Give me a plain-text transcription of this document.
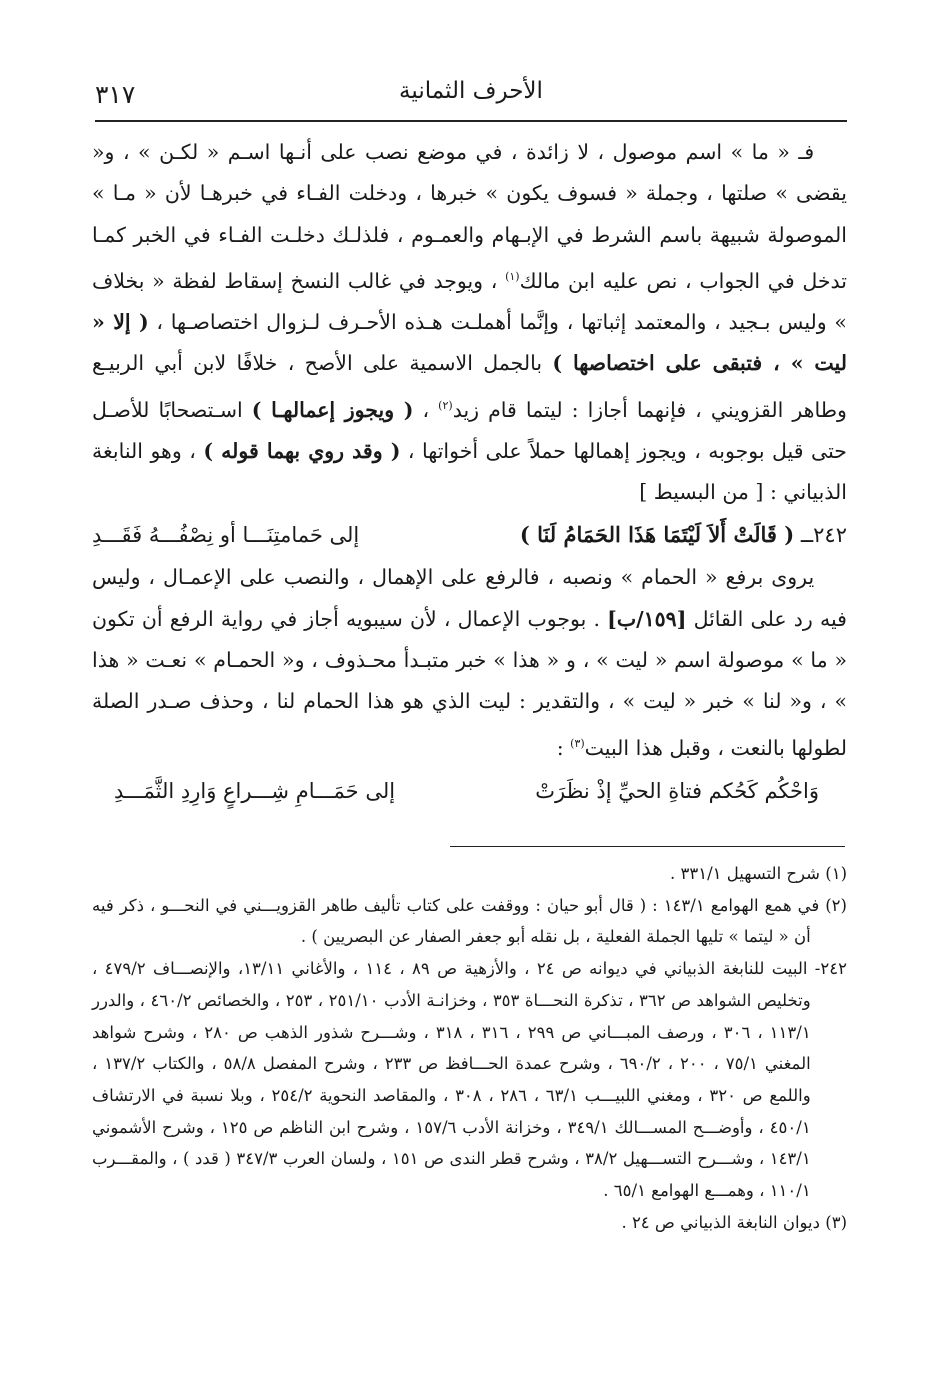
٣١٧	الأحرف الثمانية

فـ « ما » اسم موصول ، لا زائدة ، في موضع نصب على أنـها اسـم « لكـن » ، و« يقضى » صلتها ، وجملة « فسوف يكون » خبرها ، ودخلت الفـاء في خبرهـا لأن « مـا » الموصولة شبيهة باسم الشرط في الإبـهام والعمـوم ، فلذلـك دخلـت الفـاء في الخبر كمـا تدخل في الجواب ، نص عليه ابن مالك$^{(١)}$ ، ويوجد في غالب النسخ إسقاط لفظة « بخلاف » وليس بـجيد ، والمعتمد إثباتها ، وإنَّما أهملـت هـذه الأحـرف لـزوال اختصاصـها ، ( إلا « ليت » ، فتبقى على اختصاصها ) بالجمل الاسمية على الأصح ، خلافًا لابن أبي الربيـع وطاهر القزويني ، فإنهما أجازا : ليتما قام زيد$^{(٢)}$ ، ( ويجوز إعمالهـا ) اسـتصحابًا للأصـل حتى قيل بوجوبه ، ويجوز إهمالها حملاً على أخواتها ، ( وقد روي بهما قوله ) ، وهو النابغة الذبياني : [ من البسيط ]

٢٤٢ــ ( قَالَتْ أَلاَ لَيْتَمَا هَذَا الحَمَامُ لَنَا )
إلى حَمامتِنَـــا أو نِصْفُـــهُ فَقَـــدِ

يروى برفع « الحمام » ونصبه ، فالرفع على الإهمال ، والنصب على الإعمـال ، وليس فيه رد على القائل [١٥٩/ب] . بوجوب الإعمال ، لأن سيبويه أجاز في رواية الرفع أن تكون « ما » موصولة اسم « ليت » ، و « هذا » خبر متبـدأ محـذوف ، و« الحمـام » نعـت « هذا » ، و« لنا » خبر « ليت » ، والتقدير : ليت الذي هو هذا الحمام لنا ، وحذف صـدر الصلة لطولها بالنعت ، وقبل هذا البيت$^{(٣)}$ :

وَاحْكُم كَحُكم فتاةِ الحيِّ إذْ نظَرَتْ
إلى حَمَـــامِ شِـــراعٍ وَارِدِ الثَّمَـــدِ

(١) شرح التسهيل ٣٣١/١ .

(٢) في همع الهوامع ١٤٣/١ : ( قال أبو حيان : ووقفت على كتاب تأليف طاهر القزويـــني في النحـــو ، ذكر فيه أن « ليتما » تليها الجملة الفعلية ، بل نقله أبو جعفر الصفار عن البصريين ) .

٢٤٢- البيت للنابغة الذبياني في ديوانه ص ٢٤ ، والأزهية ص ٨٩ ، ١١٤ ، والأغاني ١٣/١١، والإنصـــاف ٤٧٩/٢ ، وتخليص الشواهد ص ٣٦٢ ، تذكرة النحـــاة ٣٥٣ ، وخزانـة الأدب ٢٥١/١٠ ، ٢٥٣ ، والخصائص ٤٦٠/٢ ، والدرر ١١٣/١ ، ٣٠٦ ، ورصف المبـــاني ص ٢٩٩ ، ٣١٦ ، ٣١٨ ، وشـــرح شذور الذهب ص ٢٨٠ ، وشرح شواهد المغني ٧٥/١ ، ٢٠٠ ، ٦٩٠/٢ ، وشرح عمدة الحـــافظ ص ٢٣٣ ، وشرح المفصل ٥٨/٨ ، والكتاب ١٣٧/٢ ، واللمع ص ٣٢٠ ، ومغني اللبيـــب ٦٣/١ ، ٢٨٦ ، ٣٠٨ ، والمقاصد النحوية ٢٥٤/٢ ، وبلا نسبة في الارتشاف ٤٥٠/١ ، وأوضـــح المســـالك ٣٤٩/١ ، وخزانة الأدب ١٥٧/٦ ، وشرح ابن الناظم ص ١٢٥ ، وشرح الأشموني ١٤٣/١ ، وشـــرح التســـهيل ٣٨/٢ ، وشرح قطر الندى ص ١٥١ ، ولسان العرب ٣٤٧/٣ ( قدد ) ، والمقـــرب ١١٠/١ ، وهمـــع الهوامع ٦٥/١ .

(٣) ديوان النابغة الذبياني ص ٢٤ .
